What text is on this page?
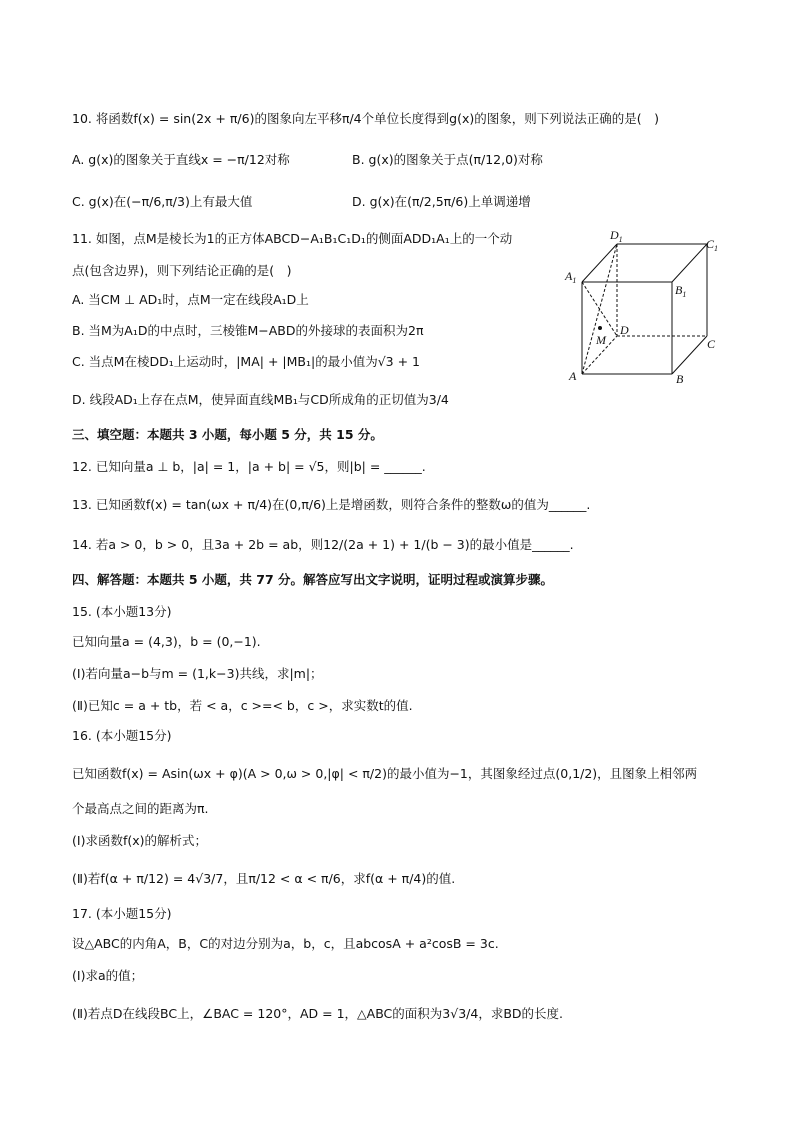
10. 将函数f(x) = sin(2x + π/6)的图象向左平移π/4个单位长度得到g(x)的图象，则下列说法正确的是(　)
A. g(x)的图象关于直线x = −π/12对称	B. g(x)的图象关于点(π/12,0)对称
C. g(x)在(−π/6,π/3)上有最大值	D. g(x)在(π/2,5π/6)上单调递增
11. 如图，点M是棱长为1的正方体ABCD−A₁B₁C₁D₁的侧面ADD₁A₁上的一个动
点(包含边界)，则下列结论正确的是(　)
A. 当CM ⊥ AD₁时，点M一定在线段A₁D上
B. 当M为A₁D的中点时，三棱锥M−ABD的外接球的表面积为2π
C. 当点M在棱DD₁上运动时，|MA| + |MB₁|的最小值为√3 + 1
D. 线段AD₁上存在点M，使异面直线MB₁与CD所成角的正切值为3/4
$D_1$	$C_1$
$A_1$
$B_1$
D
M	C
A	B
三、填空题：本题共 3 小题，每小题 5 分，共 15 分。
12. 已知向量a ⊥ b，|a| = 1，|a + b| = √5，则|b| = ______.
13. 已知函数f(x) = tan(ωx + π/4)在(0,π/6)上是增函数，则符合条件的整数ω的值为______.
14. 若a > 0，b > 0，且3a + 2b = ab，则12/(2a + 1) + 1/(b − 3)的最小值是______.
四、解答题：本题共 5 小题，共 77 分。解答应写出文字说明，证明过程或演算步骤。
15. (本小题13分)
已知向量a = (4,3)，b = (0,−1).
(Ⅰ)若向量a−b与m = (1,k−3)共线，求|m|；
(Ⅱ)已知c = a + tb，若 < a，c >=< b，c >，求实数t的值.
16. (本小题15分)
已知函数f(x) = Asin(ωx + φ)(A > 0,ω > 0,|φ| < π/2)的最小值为−1，其图象经过点(0,1/2)，且图象上相邻两
个最高点之间的距离为π.
(Ⅰ)求函数f(x)的解析式；
(Ⅱ)若f(α + π/12) = 4√3/7，且π/12 < α < π/6，求f(α + π/4)的值.
17. (本小题15分)
设△ABC的内角A，B，C的对边分别为a，b，c，且abcosA + a²cosB = 3c.
(Ⅰ)求a的值；
(Ⅱ)若点D在线段BC上，∠BAC = 120°，AD = 1，△ABC的面积为3√3/4，求BD的长度.
